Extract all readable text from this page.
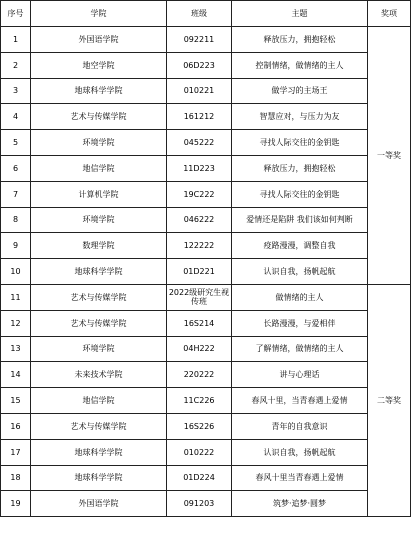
序号	学院	班级	主题	奖项
1	外国语学院	092211	释放压力，拥抱轻松	一等奖
2	地空学院	06D223	控制情绪，做情绪的主人	
3	地球科学学院	010221	做学习的主场王	
4	艺术与传媒学院	161212	智慧应对，与压力为友	
5	环境学院	045222	寻找人际交往的金钥匙	
6	地信学院	11D223	释放压力，拥抱轻松	
7	计算机学院	19C222	寻找人际交往的金钥匙	
8	环境学院	046222	爱情还是陷阱 我们该如何判断	
9	数理学院	122222	疫路漫漫，调整自我	
10	地球科学学院	01D221	认识自我，扬帆起航	
11	艺术与传媒学院	2022级研究生视传班	做情绪的主人	二等奖
12	艺术与传媒学院	16S214	长路漫漫，与爱相伴	
13	环境学院	04H222	了解情绪，做情绪的主人	
14	未来技术学院	220222	讲与心理话	
15	地信学院	11C226	春风十里，当青春遇上爱情	
16	艺术与传媒学院	16S226	青年的自我意识	
17	地球科学学院	010222	认识自我，扬帆起航	
18	地球科学学院	01D224	春风十里当青春遇上爱情	
19	外国语学院	091203	筑梦·追梦·圆梦	
